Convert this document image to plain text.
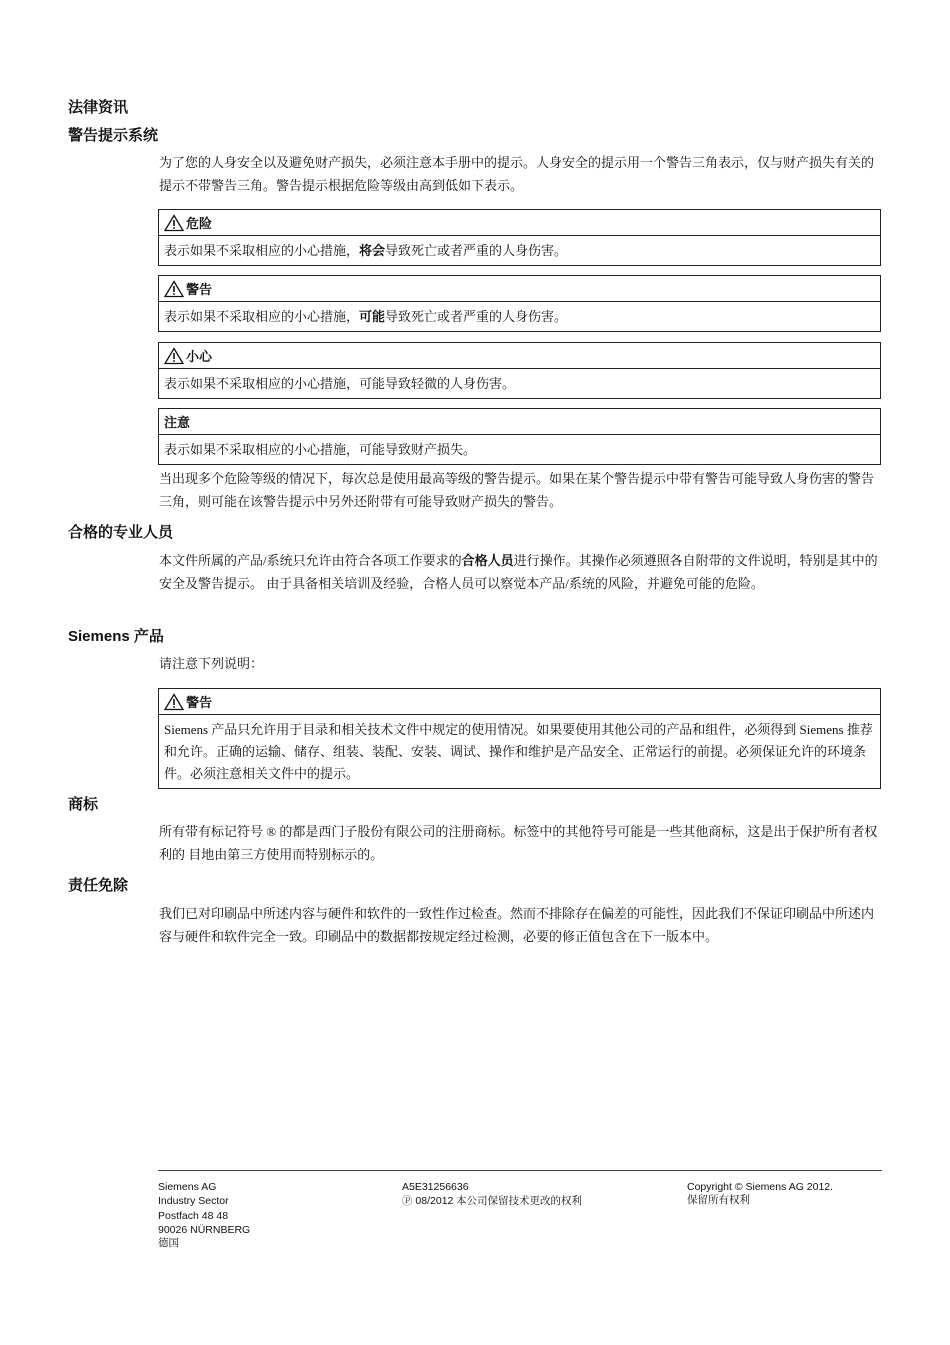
法律资讯
警告提示系统

为了您的人身安全以及避免财产损失，必须注意本手册中的提示。人身安全的提示用一个警告三角表示，仅与财产损失有关的提示不带警告三角。警告提示根据危险等级由高到低如下表示。

危险
表示如果不采取相应的小心措施，将会导致死亡或者严重的人身伤害。
警告
表示如果不采取相应的小心措施，可能导致死亡或者严重的人身伤害。
小心
表示如果不采取相应的小心措施，可能导致轻微的人身伤害。
注意
表示如果不采取相应的小心措施，可能导致财产损失。

当出现多个危险等级的情况下，每次总是使用最高等级的警告提示。如果在某个警告提示中带有警告可能导致人身伤害的警告三角，则可能在该警告提示中另外还附带有可能导致财产损失的警告。

合格的专业人员

本文件所属的产品/系统只允许由符合各项工作要求的合格人员进行操作。其操作必须遵照各自附带的文件说明，特别是其中的安全及警告提示。 由于具备相关培训及经验，合格人员可以察觉本产品/系统的风险，并避免可能的危险。

Siemens 产品

请注意下列说明：

警告
Siemens 产品只允许用于目录和相关技术文件中规定的使用情况。如果要使用其他公司的产品和组件，必须得到 Siemens 推荐和允许。正确的运输、储存、组装、装配、安装、调试、操作和维护是产品安全、正常运行的前提。必须保证允许的环境条件。必须注意相关文件中的提示。
商标

所有带有标记符号 ® 的都是西门子股份有限公司的注册商标。标签中的其他符号可能是一些其他商标，这是出于保护所有者权利的 目地由第三方使用而特别标示的。

责任免除

我们已对印刷品中所述内容与硬件和软件的一致性作过检查。然而不排除存在偏差的可能性，因此我们不保证印刷品中所述内容与硬件和软件完全一致。印刷品中的数据都按规定经过检测，必要的修正值包含在下一版本中。

Siemens AG
Industry Sector
Postfach 48 48
90026 NÜRNBERG
德国
A5E31256636
Ⓟ 08/2012 本公司保留技术更改的权利
Copyright © Siemens AG 2012.
保留所有权利
